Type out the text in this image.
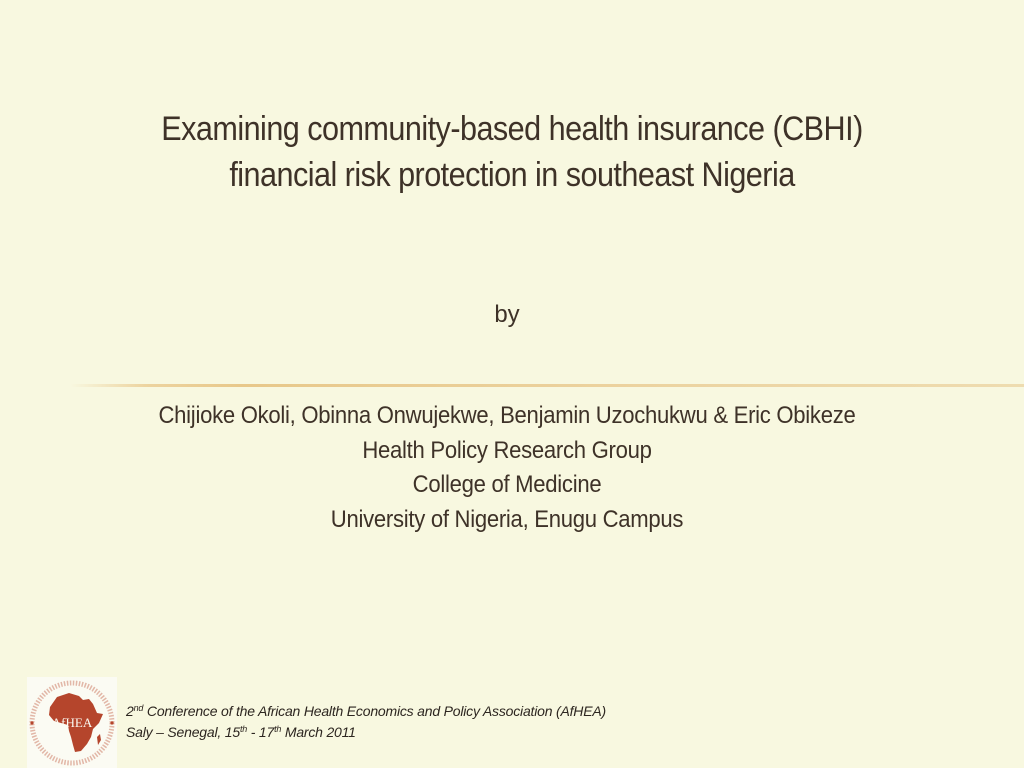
Examining community-based health insurance (CBHI)
financial risk protection in southeast Nigeria
by
Chijioke Okoli, Obinna Onwujekwe, Benjamin Uzochukwu & Eric Obikeze
Health Policy Research Group
College of Medicine
University of Nigeria, Enugu Campus
AfHEA
2nd Conference of the African Health Economics and Policy Association (AfHEA)
Saly – Senegal, 15th - 17th March 2011
